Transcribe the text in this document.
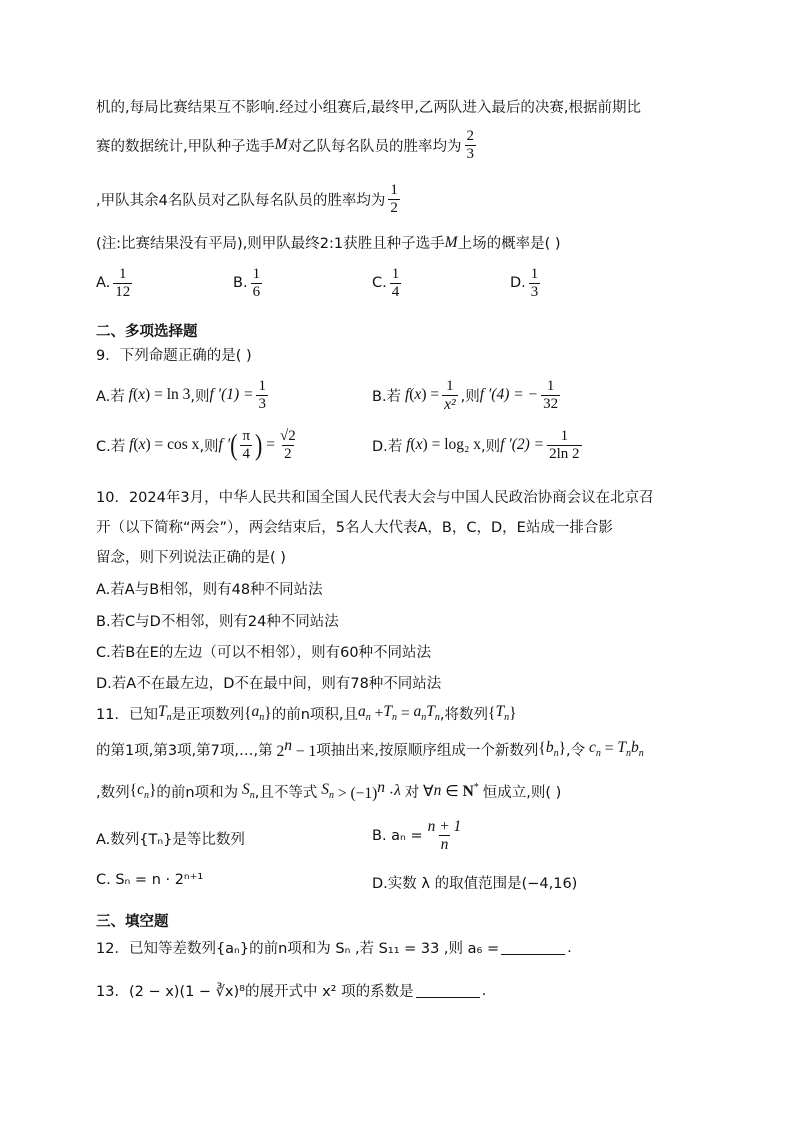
机的,每局比赛结果互不影响.经过小组赛后,最终甲,乙两队进入最后的决赛,根据前期比
赛的数据统计,甲队种子选手 M 对乙队每名队员的胜率均为 $\frac{2}{3}$
,甲队其余4名队员对乙队每名队员的胜率均为 $\frac{1}{2}$
(注:比赛结果没有平局),则甲队最终2:1获胜且种子选手 M 上场的概率是( )
A. $\frac{1}{12}$	B. $\frac{1}{6}$	C. $\frac{1}{4}$	D. $\frac{1}{3}$
二、多项选择题
9．下列命题正确的是( )
A.若 f ( x ) = ln 3 ,则 f $'(1) = \frac{1}{3}$	B.若 f ( x ) = $\frac{1}{\text{x²}}$ ,则 f ′(4) = − $\frac{1}{32}$
C.若 f ( x ) = cos x ,则 f ′ ( $\frac{\pi}{4}$ ) = $\frac{√2}{2}$	D.若 f ( x ) = log₂ x ,则 f $'(2) = \frac{1}{2\ln 2}$
10．2024年3月，中华人民共和国全国人民代表大会与中国人民政治协商会议在北京召
开（以下简称“两会”），两会结束后，5名人大代表A，B，C，D，E站成一排合影
留念，则下列说法正确的是( )
A.若A与B相邻，则有48种不同站法
B.若C与D不相邻，则有24种不同站法
C.若B在E的左边（可以不相邻），则有60种不同站法
D.若A不在最左边，D不在最中间，则有78种不同站法
11．已知 $T_n$ 是正项数列 { $a_n$ } 的前n项积,且 $a_n + T_n = a_nT_n$ ,将数列 { $T_n$ }
的第1项,第3项,第7项,…,第 $2^n - 1$ 项抽出来,按原顺序组成一个新数列 { $b_n$ } ,令 $c_n = T_nb_n$
,数列 { $c_n$ } 的前n项和为 $S_n$ ,且不等式 $S_n > (-1)^n \cdot \lambda$ 对 ∀ n ∈ N* 恒成立,则( )
A.数列{Tₙ}是等比数列	B. $a_n = \frac{n + 1}{n}$
C. Sₙ = n · 2ⁿ⁺¹	D.实数 λ 的取值范围是(−4,16)
三、填空题
12．已知等差数列{aₙ}的前n项和为 Sₙ ,若 S₁₁ = 33 ,则 a₆ =	.
13．(2 − x)(1 − ∛x)⁸的展开式中 x² 项的系数是	.
